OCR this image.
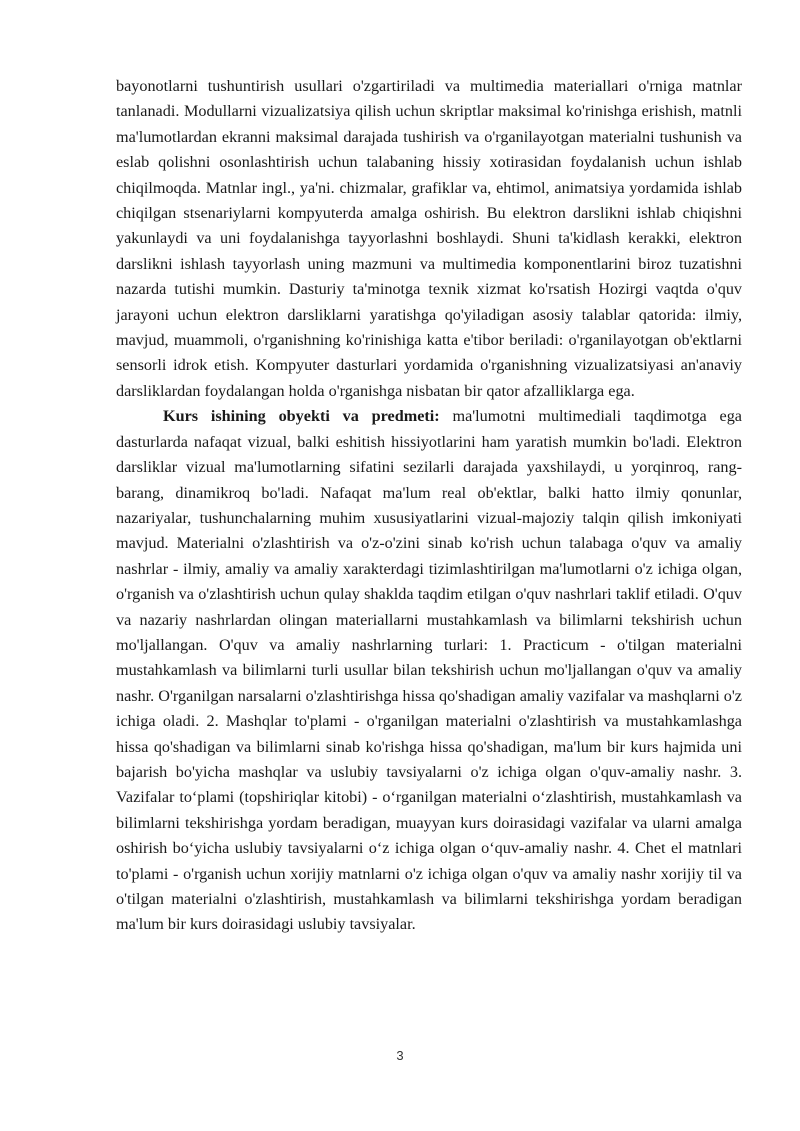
bayonotlarni tushuntirish usullari o'zgartiriladi va multimedia materiallari o'rniga matnlar tanlanadi. Modullarni vizualizatsiya qilish uchun skriptlar maksimal ko'rinishga erishish, matnli ma'lumotlardan ekranni maksimal darajada tushirish va o'rganilayotgan materialni tushunish va eslab qolishni osonlashtirish uchun talabaning hissiy xotirasidan foydalanish uchun ishlab chiqilmoqda. Matnlar ingl., ya'ni. chizmalar, grafiklar va, ehtimol, animatsiya yordamida ishlab chiqilgan stsenariylarni kompyuterda amalga oshirish. Bu elektron darslikni ishlab chiqishni yakunlaydi va uni foydalanishga tayyorlashni boshlaydi. Shuni ta'kidlash kerakki, elektron darslikni ishlash tayyorlash uning mazmuni va multimedia komponentlarini biroz tuzatishni nazarda tutishi mumkin. Dasturiy ta'minotga texnik xizmat ko'rsatish Hozirgi vaqtda o'quv jarayoni uchun elektron darsliklarni yaratishga qo'yiladigan asosiy talablar qatorida: ilmiy, mavjud, muammoli, o'rganishning ko'rinishiga katta e'tibor beriladi: o'rganilayotgan ob'ektlarni sensorli idrok etish. Kompyuter dasturlari yordamida o'rganishning vizualizatsiyasi an'anaviy darsliklardan foydalangan holda o'rganishga nisbatan bir qator afzalliklarga ega.

Kurs ishining obyekti va predmeti: ma'lumotni multimediali taqdimotga ega dasturlarda nafaqat vizual, balki eshitish hissiyotlarini ham yaratish mumkin bo'ladi. Elektron darsliklar vizual ma'lumotlarning sifatini sezilarli darajada yaxshilaydi, u yorqinroq, rang-barang, dinamikroq bo'ladi. Nafaqat ma'lum real ob'ektlar, balki hatto ilmiy qonunlar, nazariyalar, tushunchalarning muhim xususiyatlarini vizual-majoziy talqin qilish imkoniyati mavjud. Materialni o'zlashtirish va o'z-o'zini sinab ko'rish uchun talabaga o'quv va amaliy nashrlar - ilmiy, amaliy va amaliy xarakterdagi tizimlashtirilgan ma'lumotlarni o'z ichiga olgan, o'rganish va o'zlashtirish uchun qulay shaklda taqdim etilgan o'quv nashrlari taklif etiladi. O'quv va nazariy nashrlardan olingan materiallarni mustahkamlash va bilimlarni tekshirish uchun mo'ljallangan. O'quv va amaliy nashrlarning turlari: 1. Practicum - o'tilgan materialni mustahkamlash va bilimlarni turli usullar bilan tekshirish uchun mo'ljallangan o'quv va amaliy nashr. O'rganilgan narsalarni o'zlashtirishga hissa qo'shadigan amaliy vazifalar va mashqlarni o'z ichiga oladi. 2. Mashqlar to'plami - o'rganilgan materialni o'zlashtirish va mustahkamlashga hissa qo'shadigan va bilimlarni sinab ko'rishga hissa qo'shadigan, ma'lum bir kurs hajmida uni bajarish bo'yicha mashqlar va uslubiy tavsiyalarni o'z ichiga olgan o'quv-amaliy nashr. 3. Vazifalar to‘plami (topshiriqlar kitobi) - o‘rganilgan materialni o‘zlashtirish, mustahkamlash va bilimlarni tekshirishga yordam beradigan, muayyan kurs doirasidagi vazifalar va ularni amalga oshirish bo‘yicha uslubiy tavsiyalarni o‘z ichiga olgan o‘quv-amaliy nashr. 4. Chet el matnlari to'plami - o'rganish uchun xorijiy matnlarni o'z ichiga olgan o'quv va amaliy nashr xorijiy til va o'tilgan materialni o'zlashtirish, mustahkamlash va bilimlarni tekshirishga yordam beradigan ma'lum bir kurs doirasidagi uslubiy tavsiyalar.

3
